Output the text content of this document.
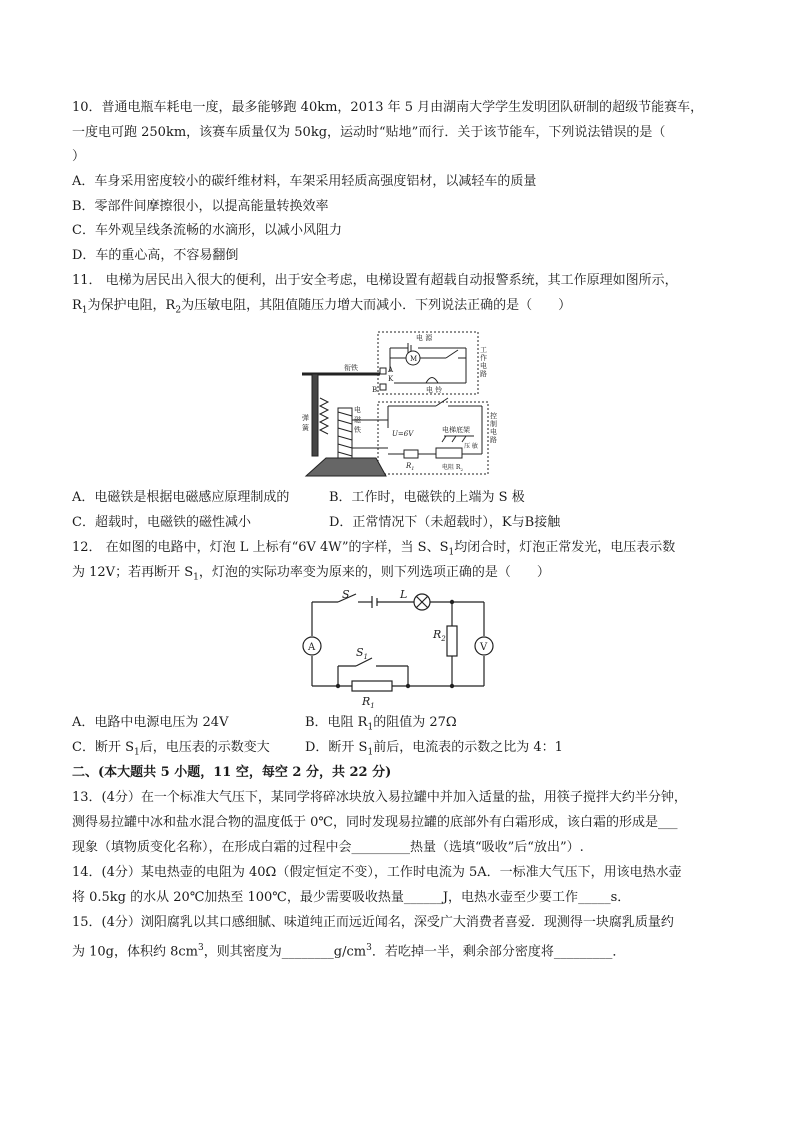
10．普通电瓶车耗电一度，最多能够跑 40km，2013 年 5 月由湖南大学学生发明团队研制的超级节能赛车，
一度电可跑 250km，该赛车质量仅为 50kg，运动时“贴地”而行．关于该节能车，下列说法错误的是（
）
A．车身采用密度较小的碳纤维材料，车架采用轻质高强度铝材，以减轻车的质量
B．零部件间摩擦很小，以提高能量转换效率
C．车外观呈线条流畅的水滴形，以减小风阻力
D．车的重心高，不容易翻倒
11． 电梯为居民出入很大的便利，出于安全考虑，电梯设置有超载自动报警系统，其工作原理如图所示，
$R_1$为保护电阻，$R_2$为压敏电阻，其阻值随压力增大而减小．下列说法正确的是（　　）
电 源
M
电 铃
工
作
电
路
衔铁	A
K
B
弹
簧
电
磁
铁	U=6V	电梯底架
$R_1$
压 敏
电阻 $R_2$
控
制
电
路
A．电磁铁是根据电磁感应原理制成的	B．工作时，电磁铁的上端为 S 极
C．超载时，电磁铁的磁性减小	D．正常情况下（未超载时），K与B接触
12． 在如图的电路中，灯泡 L 上标有“6V 4W”的字样，当 S、$S_1$均闭合时，灯泡正常发光，电压表示数
为 12V；若再断开 $S_1$，灯泡的实际功率变为原来的，则下列选项正确的是（　　）
S	L
$S_1$
$R_1$
$R_2$
A	V
A．电路中电源电压为 24V	B．电阻 $R_1$的阻值为 27Ω
C．断开 $S_1$后，电压表的示数变大	D．断开 $S_1$前后，电流表的示数之比为 4：1
二、(本大题共 5 小题，11 空，每空 2 分，共 22 分)
13．(4分）在一个标准大气压下，某同学将碎冰块放入易拉罐中并加入适量的盐，用筷子搅拌大约半分钟，
测得易拉罐中冰和盐水混合物的温度低于 0℃，同时发现易拉罐的底部外有白霜形成，该白霜的形成是___
现象（填物质变化名称），在形成白霜的过程中会_________热量（选填“吸收”后“放出”）.
14．(4分）某电热壶的电阻为 40Ω（假定恒定不变），工作时电流为 5A．一标准大气压下，用该电热水壶
将 0.5kg 的水从 20℃加热至 100℃，最少需要吸收热量______J，电热水壶至少要工作_____s．
15．(4分）浏阳腐乳以其口感细腻、味道纯正而远近闻名，深受广大消费者喜爱．现测得一块腐乳质量约
为 10g，体积约 $8cm^3$，则其密度为$\_\_\_\_\_\_\_\_g/cm^3$．若吃掉一半，剩余部分密度将_________．
